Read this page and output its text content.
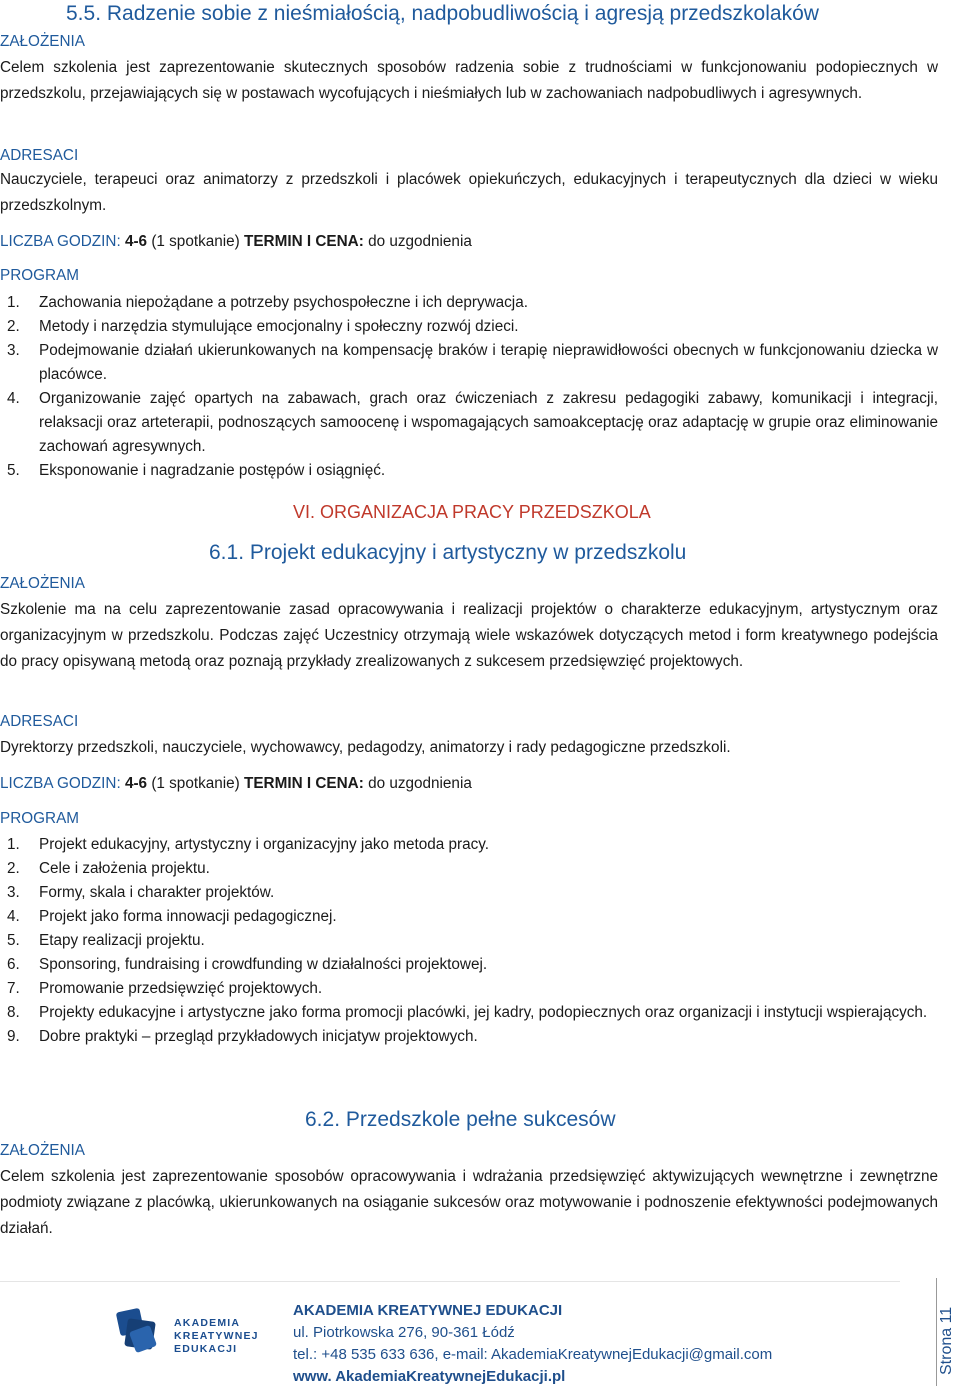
5.5. Radzenie sobie z nieśmiałością, nadpobudliwością i agresją przedszkolaków
ZAŁOŻENIA
Celem szkolenia jest zaprezentowanie skutecznych sposobów radzenia sobie z trudnościami w funkcjonowaniu podopiecznych w przedszkolu, przejawiających się w postawach wycofujących i nieśmiałych lub w zachowaniach nadpobudliwych i agresywnych.
ADRESACI
Nauczyciele, terapeuci oraz animatorzy z przedszkoli i placówek opiekuńczych, edukacyjnych i terapeutycznych dla dzieci w wieku przedszkolnym.
LICZBA GODZIN: 4-6 (1 spotkanie) TERMIN I CENA: do uzgodnienia
PROGRAM
1. Zachowania niepożądane a potrzeby psychospołeczne i ich deprywacja.
2. Metody i narzędzia stymulujące emocjonalny i społeczny rozwój dzieci.
3. Podejmowanie działań ukierunkowanych na kompensację braków i terapię nieprawidłowości obecnych w funkcjonowaniu dziecka w placówce.
4. Organizowanie zajęć opartych na zabawach, grach oraz ćwiczeniach z zakresu pedagogiki zabawy, komunikacji i integracji, relaksacji oraz arteterapii, podnoszących samoocenę i wspomagających samoakceptację oraz adaptację w grupie oraz eliminowanie zachowań agresywnych.
5. Eksponowanie i nagradzanie postępów i osiągnięć.
VI. ORGANIZACJA PRACY PRZEDSZKOLA
6.1. Projekt edukacyjny i artystyczny w przedszkolu
ZAŁOŻENIA
Szkolenie ma na celu zaprezentowanie zasad opracowywania i realizacji projektów o charakterze edukacyjnym, artystycznym oraz organizacyjnym w przedszkolu. Podczas zajęć Uczestnicy otrzymają wiele wskazówek dotyczących metod i form kreatywnego podejścia do pracy opisywaną metodą oraz poznają przykłady zrealizowanych z sukcesem przedsięwzięć projektowych.
ADRESACI
Dyrektorzy przedszkoli, nauczyciele, wychowawcy, pedagodzy, animatorzy i rady pedagogiczne przedszkoli.
LICZBA GODZIN: 4-6 (1 spotkanie) TERMIN I CENA: do uzgodnienia
PROGRAM
1. Projekt edukacyjny, artystyczny i organizacyjny jako metoda pracy.
2. Cele i założenia projektu.
3. Formy, skala i charakter projektów.
4. Projekt jako forma innowacji pedagogicznej.
5. Etapy realizacji projektu.
6. Sponsoring, fundraising i crowdfunding w działalności projektowej.
7. Promowanie przedsięwzięć projektowych.
8. Projekty edukacyjne i artystyczne jako forma promocji placówki, jej kadry, podopiecznych oraz organizacji i instytucji wspierających.
9. Dobre praktyki – przegląd przykładowych inicjatyw projektowych.
6.2. Przedszkole pełne sukcesów
ZAŁOŻENIA
Celem szkolenia jest zaprezentowanie sposobów opracowywania i wdrażania przedsięwzięć aktywizujących wewnętrzne i zewnętrzne podmioty związane z placówką, ukierunkowanych na osiąganie sukcesów oraz motywowanie i podnoszenie efektywności podejmowanych działań.
AKADEMIA
KREATYWNEJ
EDUKACJI
AKADEMIA KREATYWNEJ EDUKACJI
ul. Piotrkowska 276, 90-361 Łódź
tel.: +48 535 633 636, e-mail: AkademiaKreatywnejEdukacji@gmail.com
www. AkademiaKreatywnejEdukacji.pl
Strona 11
